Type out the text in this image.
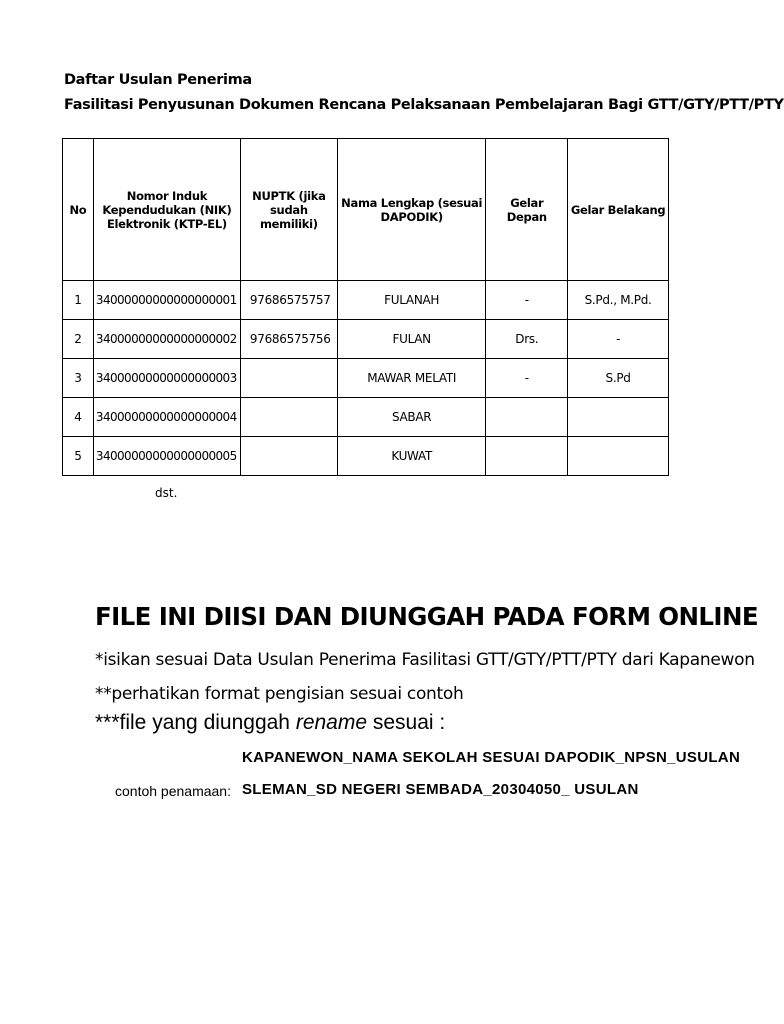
Daftar Usulan Penerima
Fasilitasi Penyusunan Dokumen Rencana Pelaksanaan Pembelajaran Bagi GTT/GTY/PTT/PTY
No	Nomor Induk Kependudukan (NIK) Elektronik (KTP-EL)	NUPTK (jika sudah memiliki)	Nama Lengkap (sesuai DAPODIK)	Gelar Depan	Gelar Belakang
1	34000000000000000001	97686575757	FULANAH	-	S.Pd., M.Pd.
2	34000000000000000002	97686575756	FULAN	Drs.	-
3	34000000000000000003		MAWAR MELATI	-	S.Pd
4	34000000000000000004		SABAR		
5	34000000000000000005		KUWAT		
dst.
FILE INI DIISI DAN DIUNGGAH PADA FORM ONLINE
*isikan sesuai Data Usulan Penerima Fasilitasi GTT/GTY/PTT/PTY dari Kapanewon
**perhatikan format pengisian sesuai contoh
***file yang diunggah rename sesuai :
KAPANEWON_NAMA SEKOLAH SESUAI DAPODIK_NPSN_USULAN
contoh penamaan: SLEMAN_SD NEGERI SEMBADA_20304050_ USULAN
